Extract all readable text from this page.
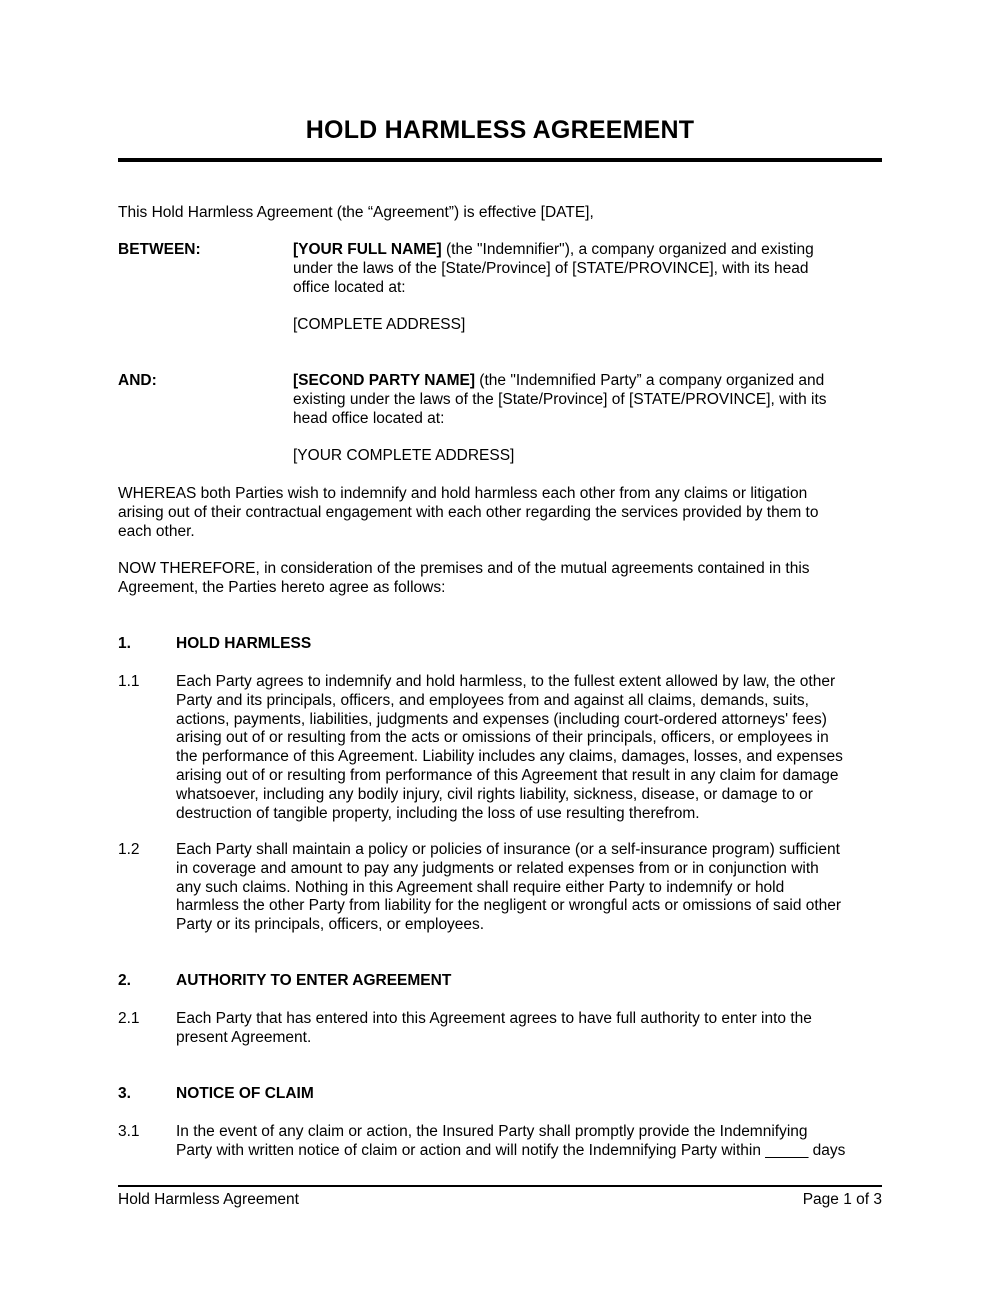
HOLD HARMLESS AGREEMENT
This Hold Harmless Agreement (the “Agreement”) is effective [DATE],
BETWEEN:	[YOUR FULL NAME] (the "Indemnifier"), a company organized and existing
under the laws of the [State/Province] of [STATE/PROVINCE], with its head
office located at:
[COMPLETE ADDRESS]
AND:	[SECOND PARTY NAME] (the "Indemnified Party” a company organized and
existing under the laws of the [State/Province] of [STATE/PROVINCE], with its
head office located at:
[YOUR COMPLETE ADDRESS]
WHEREAS both Parties wish to indemnify and hold harmless each other from any claims or litigation
arising out of their contractual engagement with each other regarding the services provided by them to
each other.
NOW THEREFORE, in consideration of the premises and of the mutual agreements contained in this
Agreement, the Parties hereto agree as follows:
1.	HOLD HARMLESS
1.1 Each Party agrees to indemnify and hold harmless, to the fullest extent allowed by law, the other
Party and its principals, officers, and employees from and against all claims, demands, suits,
actions, payments, liabilities, judgments and expenses (including court-ordered attorneys' fees)
arising out of or resulting from the acts or omissions of their principals, officers, or employees in
the performance of this Agreement. Liability includes any claims, damages, losses, and expenses
arising out of or resulting from performance of this Agreement that result in any claim for damage
whatsoever, including any bodily injury, civil rights liability, sickness, disease, or damage to or
destruction of tangible property, including the loss of use resulting therefrom.
1.2 Each Party shall maintain a policy or policies of insurance (or a self-insurance program) sufficient
in coverage and amount to pay any judgments or related expenses from or in conjunction with
any such claims. Nothing in this Agreement shall require either Party to indemnify or hold
harmless the other Party from liability for the negligent or wrongful acts or omissions of said other
Party or its principals, officers, or employees.
2.	AUTHORITY TO ENTER AGREEMENT
2.1 Each Party that has entered into this Agreement agrees to have full authority to enter into the
present Agreement.
3.	NOTICE OF CLAIM
3.1 In the event of any claim or action, the Insured Party shall promptly provide the Indemnifying
Party with written notice of claim or action and will notify the Indemnifying Party within _____ days
Hold Harmless Agreement	Page 1 of 3
